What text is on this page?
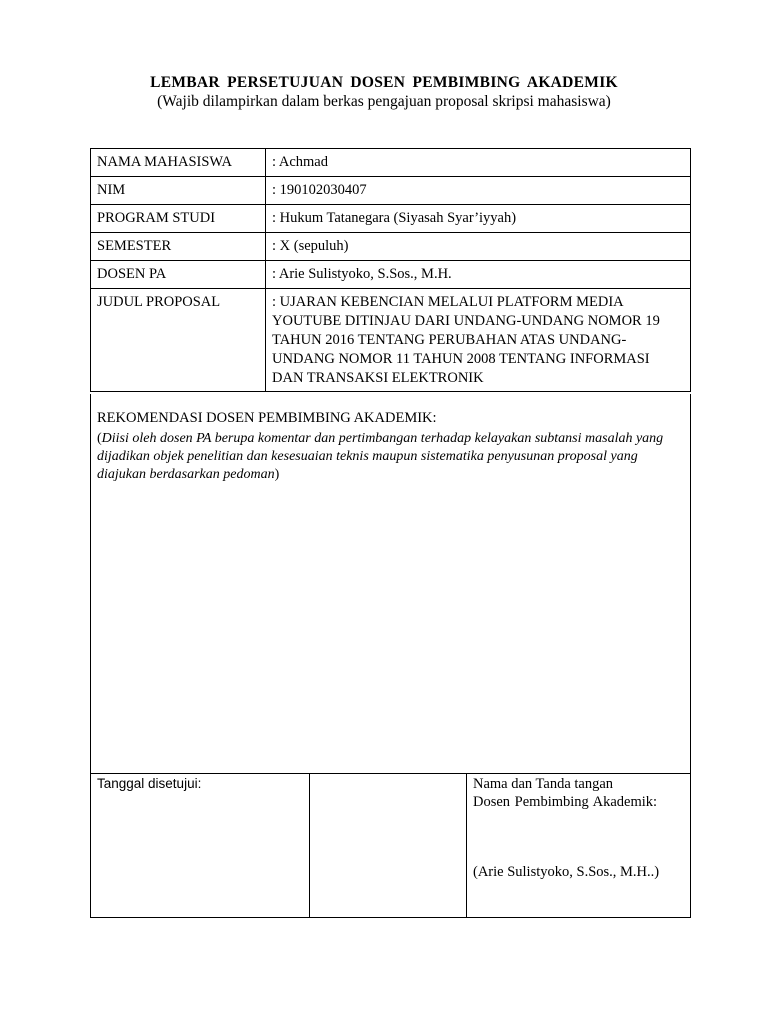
LEMBAR PERSETUJUAN DOSEN PEMBIMBING AKADEMIK
(Wajib dilampirkan dalam berkas pengajuan proposal skripsi mahasiswa)
NAMA MAHASISWA	: Achmad
NIM	: 190102030407
PROGRAM STUDI	: Hukum Tatanegara (Siyasah Syar’iyyah)
SEMESTER	: X (sepuluh)
DOSEN PA	: Arie Sulistyoko, S.Sos., M.H.
JUDUL PROPOSAL	: UJARAN KEBENCIAN MELALUI PLATFORM MEDIA YOUTUBE DITINJAU DARI UNDANG-UNDANG NOMOR 19 TAHUN 2016 TENTANG PERUBAHAN ATAS UNDANG-UNDANG NOMOR 11 TAHUN 2008 TENTANG INFORMASI DAN TRANSAKSI ELEKTRONIK
REKOMENDASI DOSEN PEMBIMBING AKADEMIK:
(Diisi oleh dosen PA berupa komentar dan pertimbangan terhadap kelayakan subtansi masalah yang dijadikan objek penelitian dan kesesuaian teknis maupun sistematika penyusunan proposal yang diajukan berdasarkan pedoman)
Tanggal disetujui:	Nama dan Tanda tangan
Dosen Pembimbing Akademik:
(Arie Sulistyoko, S.Sos., M.H..)
